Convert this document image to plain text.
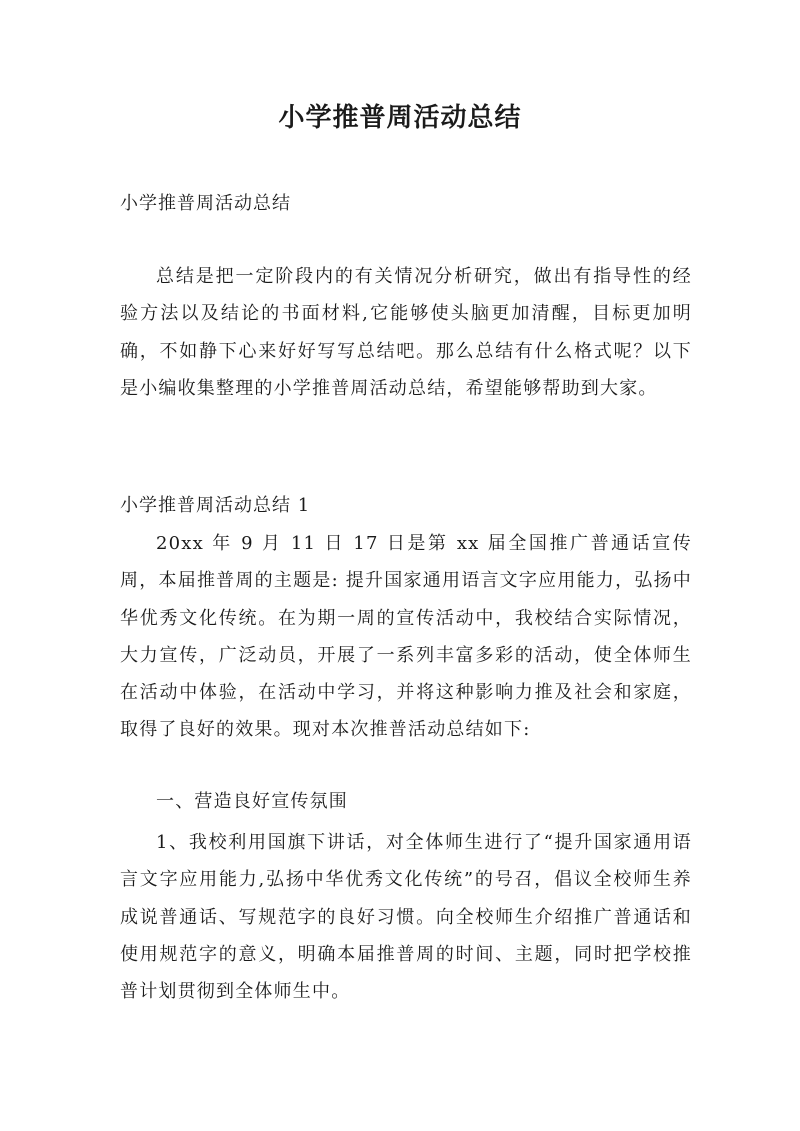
小学推普周活动总结

小学推普周活动总结

总结是把一定阶段内的有关情况分析研究，做出有指导性的经验方法以及结论的书面材料,它能够使头脑更加清醒，目标更加明确，不如静下心来好好写写总结吧。那么总结有什么格式呢？以下是小编收集整理的小学推普周活动总结，希望能够帮助到大家。

小学推普周活动总结 1

20xx 年 9 月 11 日 17 日是第 xx 届全国推广普通话宣传周，本届推普周的主题是: 提升国家通用语言文字应用能力，弘扬中华优秀文化传统。在为期一周的宣传活动中，我校结合实际情况，大力宣传，广泛动员，开展了一系列丰富多彩的活动，使全体师生在活动中体验，在活动中学习，并将这种影响力推及社会和家庭，取得了良好的效果。现对本次推普活动总结如下:

一、营造良好宣传氛围

1、我校利用国旗下讲话，对全体师生进行了“提升国家通用语言文字应用能力,弘扬中华优秀文化传统”的号召，倡议全校师生养成说普通话、写规范字的良好习惯。向全校师生介绍推广普通话和使用规范字的意义，明确本届推普周的时间、主题，同时把学校推普计划贯彻到全体师生中。
